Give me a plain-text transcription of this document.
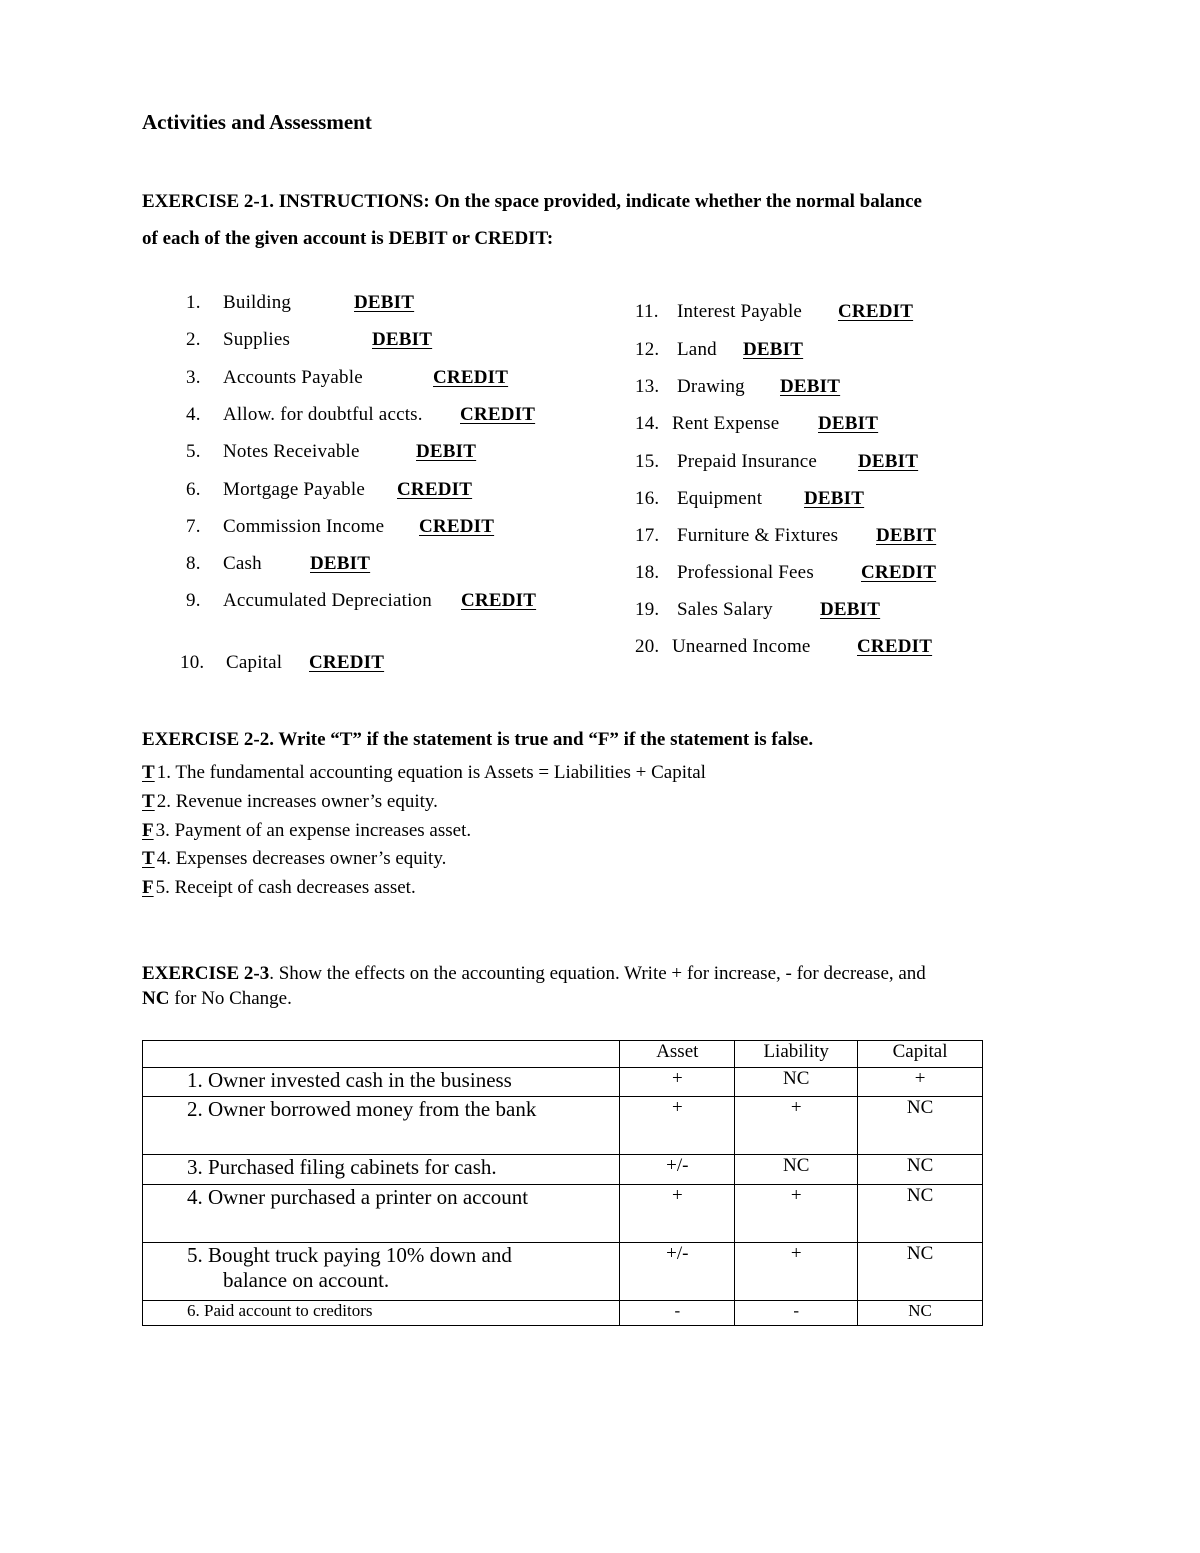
Activities and Assessment
EXERCISE 2-1. INSTRUCTIONS: On the space provided, indicate whether the normal balance
of each of the given account is DEBIT or CREDIT:
1. Building	DEBIT
2. Supplies	DEBIT
3. Accounts Payable	CREDIT
4. Allow. for doubtful accts. CREDIT
5. Notes Receivable	DEBIT
6. Mortgage Payable CREDIT
7. Commission Income CREDIT
8. Cash	DEBIT
9. Accumulated Depreciation CREDIT
10. Capital CREDIT
11. Interest Payable CREDIT
12. Land DEBIT
13. Drawing DEBIT
14. Rent Expense DEBIT
15. Prepaid Insurance DEBIT
16. Equipment DEBIT
17. Furniture & Fixtures DEBIT
18. Professional Fees CREDIT
19. Sales Salary DEBIT
20. Unearned Income CREDIT
EXERCISE 2-2. Write “T” if the statement is true and “F” if the statement is false.
T 1. The fundamental accounting equation is Assets = Liabilities + Capital
T 2. Revenue increases owner’s equity.
F 3. Payment of an expense increases asset.
T 4. Expenses decreases owner’s equity.
F 5. Receipt of cash decreases asset.
EXERCISE 2-3. Show the effects on the accounting equation. Write + for increase, - for decrease, and
NC for No Change.
	Asset	Liability	Capital
1. Owner invested cash in the business	+	NC	+
2. Owner borrowed money from the bank	+	+	NC
3. Purchased filing cabinets for cash.	+/-	NC	NC
4. Owner purchased a printer on account	+	+	NC
5. Bought truck paying 10% down and
balance on account.	+/-	+	NC
6. Paid account to creditors	-	-	NC
